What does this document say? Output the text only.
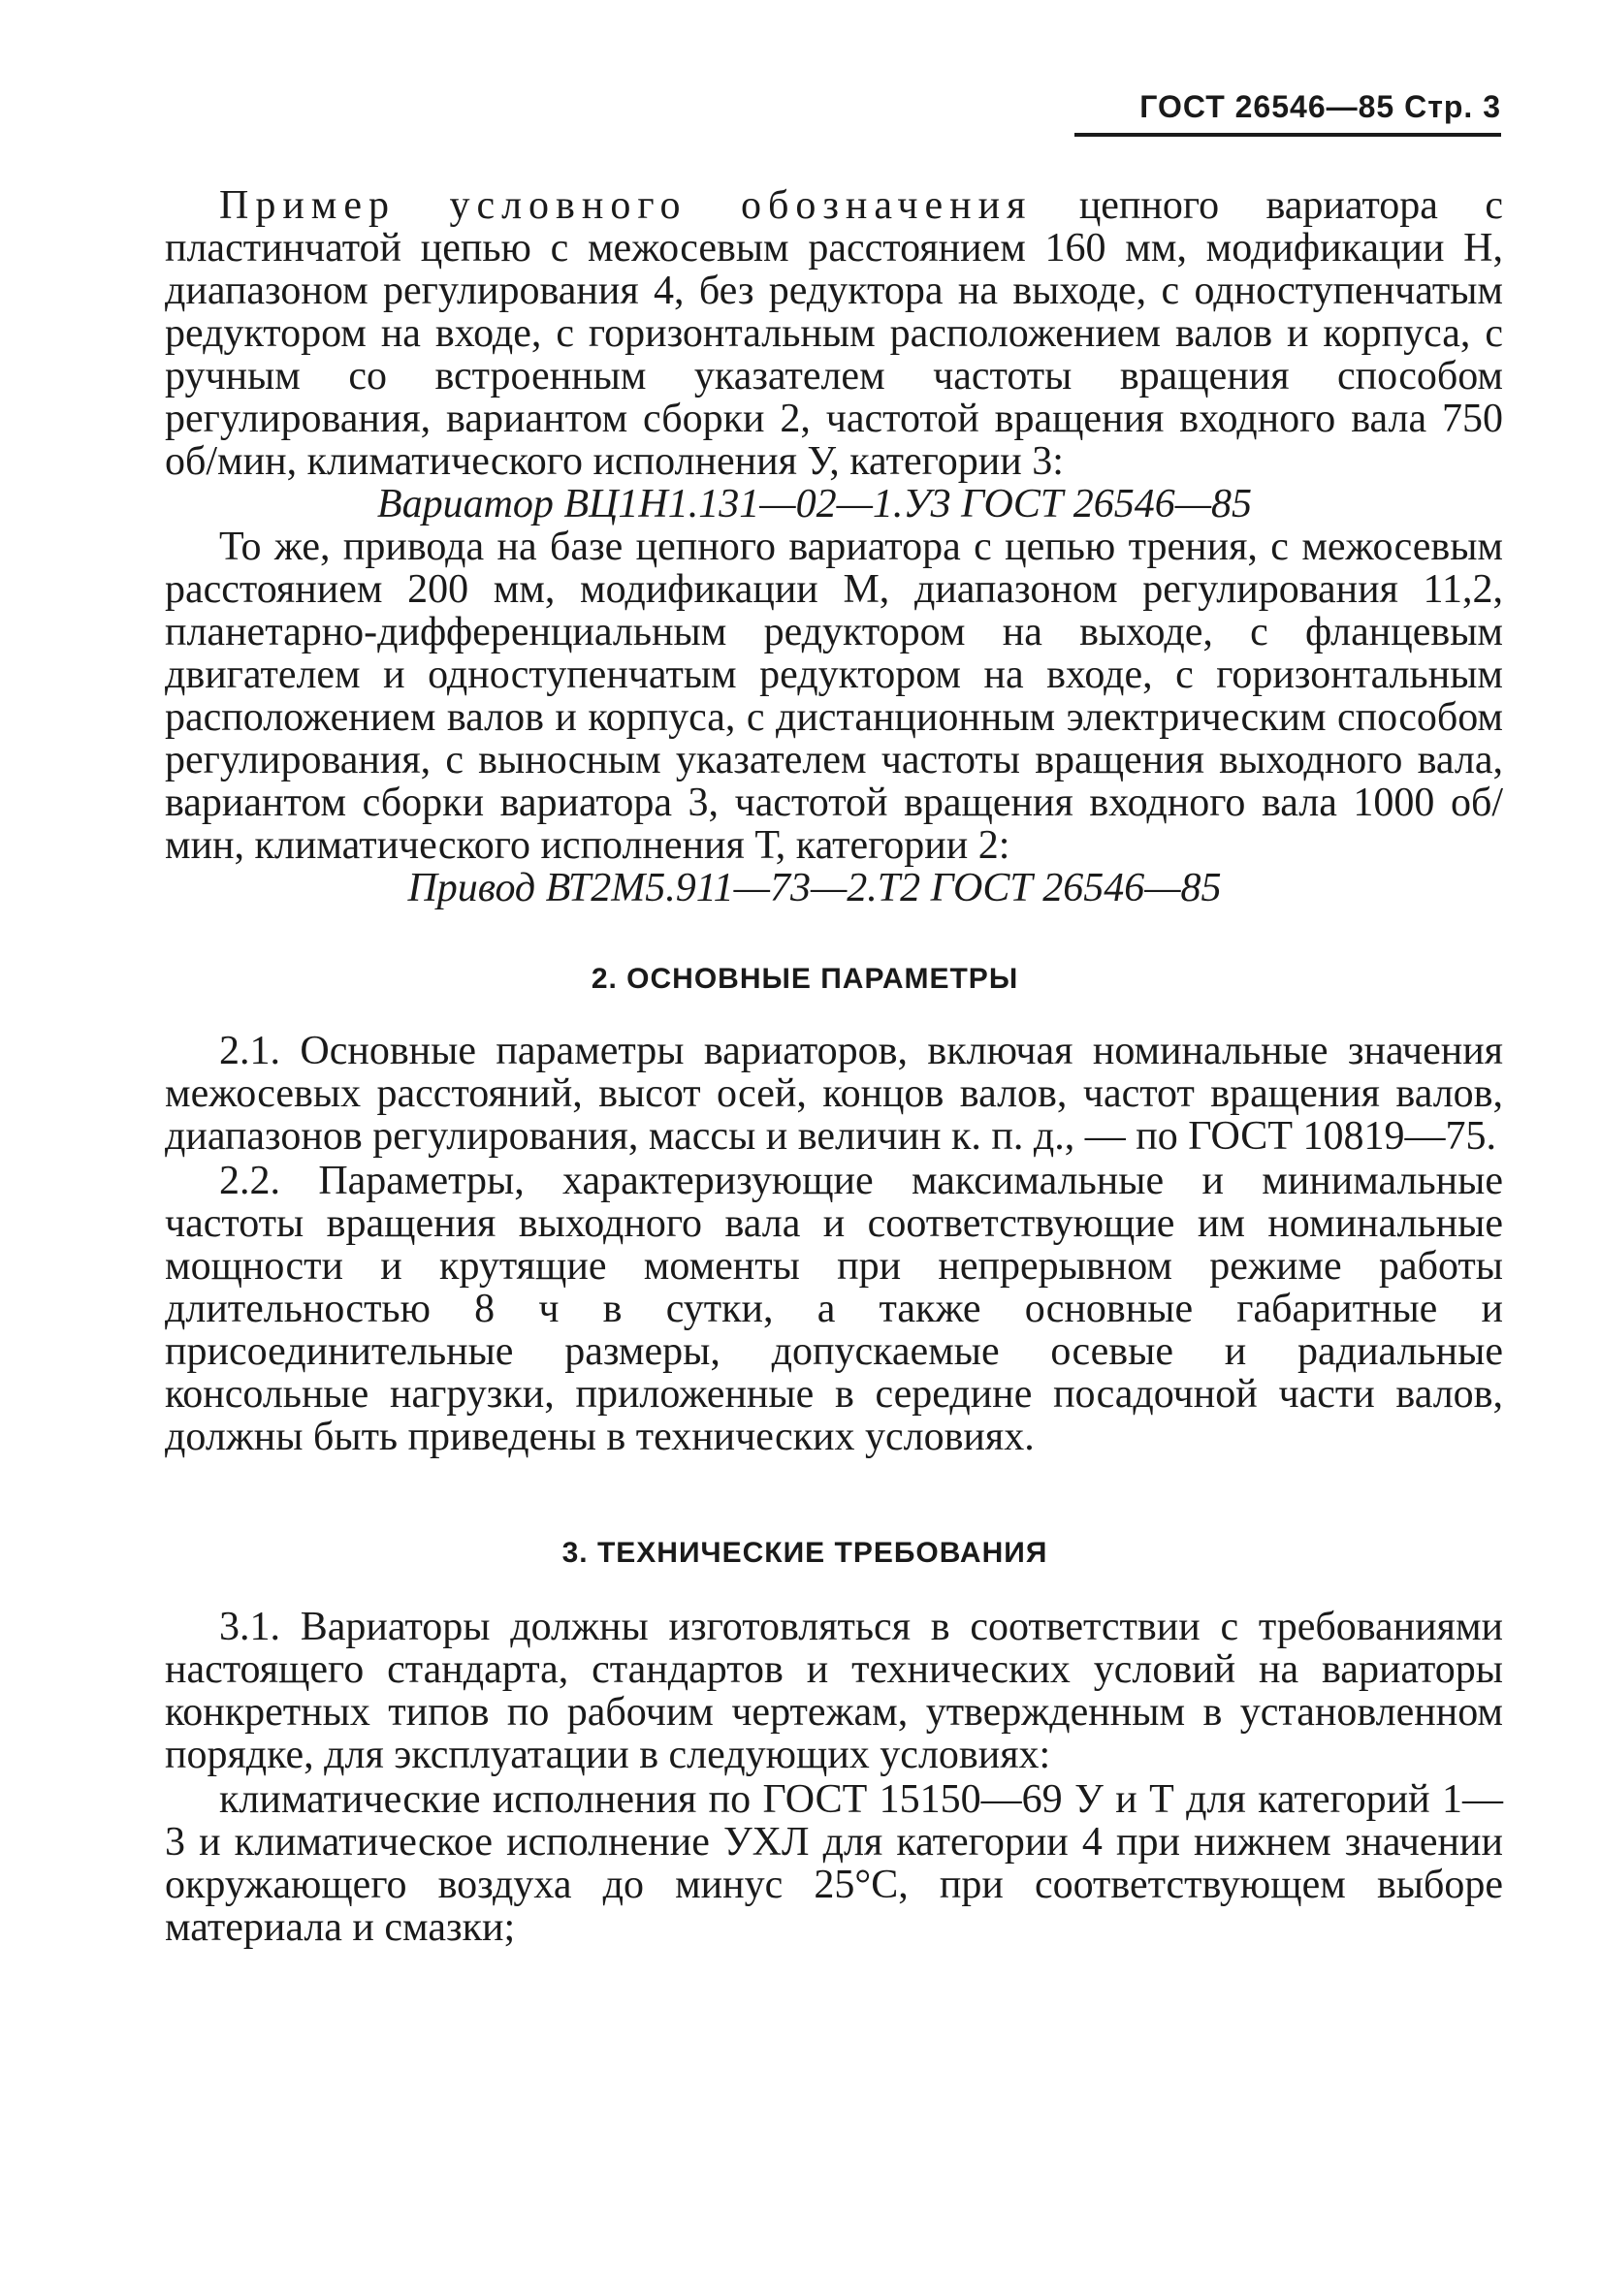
ГОСТ 26546—85 Стр. 3

Пример условного обозначения цепного вариатора с пластинчатой цепью с межосевым расстоянием 160 мм, модификации Н, диапазоном регулирования 4, без редуктора на выходе, с одноступенчатым редуктором на входе, с горизонтальным расположением валов и корпуса, с ручным со встроенным указателем частоты вращения способом регулирования, вариантом сборки 2, частотой вращения входного вала 750 об/мин, климатического исполнения У, категории 3:

Вариатор ВЦ1Н1.131—02—1.У3 ГОСТ 26546—85

То же, привода на базе цепного вариатора с цепью трения, с межосевым расстоянием 200 мм, модификации М, диапазоном регулирования 11,2, планетарно-дифференциальным редуктором на выходе, с фланцевым двигателем и одноступенчатым редуктором на входе, с горизонтальным расположением валов и корпуса, с дистанционным электрическим способом регулирования, с выносным указателем частоты вращения выходного вала, вариантом сборки вариатора 3, частотой вращения входного вала 1000 об/мин, климатического исполнения Т, категории 2:

Привод ВТ2М5.911—73—2.Т2 ГОСТ 26546—85

2. ОСНОВНЫЕ ПАРАМЕТРЫ

2.1. Основные параметры вариаторов, включая номинальные значения межосевых расстояний, высот осей, концов валов, частот вращения валов, диапазонов регулирования, массы и величин к. п. д., — по ГОСТ 10819—75.

2.2. Параметры, характеризующие максимальные и минимальные частоты вращения выходного вала и соответствующие им номинальные мощности и крутящие моменты при непрерывном режиме работы длительностью 8 ч в сутки, а также основные габаритные и присоединительные размеры, допускаемые осевые и радиальные консольные нагрузки, приложенные в середине посадочной части валов, должны быть приведены в технических условиях.

3. ТЕХНИЧЕСКИЕ ТРЕБОВАНИЯ

3.1. Вариаторы должны изготовляться в соответствии с требованиями настоящего стандарта, стандартов и технических условий на вариаторы конкретных типов по рабочим чертежам, утвержденным в установленном порядке, для эксплуатации в следующих условиях:

климатические исполнения по ГОСТ 15150—69 У и Т для категорий 1—3 и климатическое исполнение УХЛ для категории 4 при нижнем значении окружающего воздуха до минус 25°С, при соответствующем выборе материала и смазки;
